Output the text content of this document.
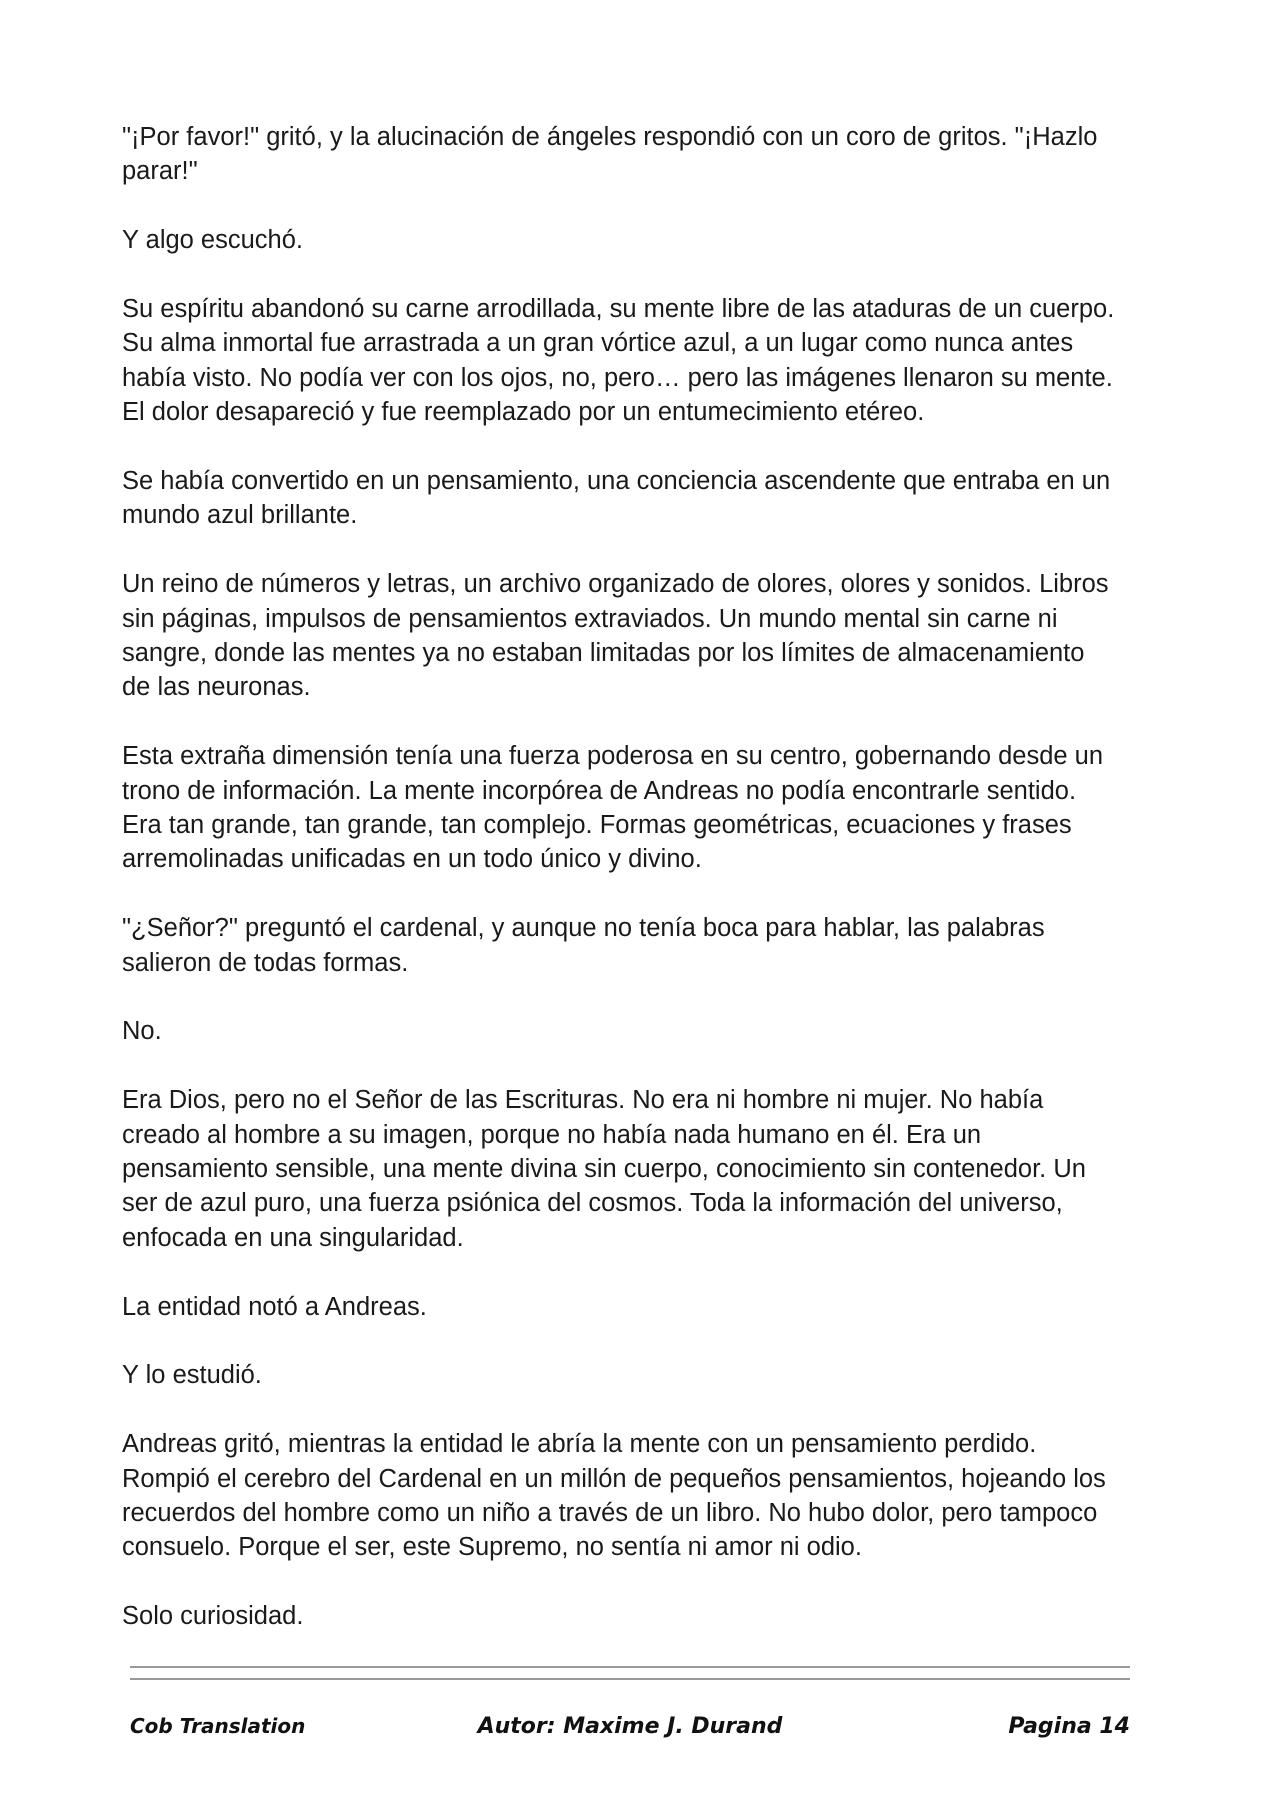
"¡Por favor!" gritó, y la alucinación de ángeles respondió con un coro de gritos. "¡Hazlo
parar!"

Y algo escuchó.

Su espíritu abandonó su carne arrodillada, su mente libre de las ataduras de un cuerpo.
Su alma inmortal fue arrastrada a un gran vórtice azul, a un lugar como nunca antes
había visto. No podía ver con los ojos, no, pero… pero las imágenes llenaron su mente.
El dolor desapareció y fue reemplazado por un entumecimiento etéreo.

Se había convertido en un pensamiento, una conciencia ascendente que entraba en un
mundo azul brillante.

Un reino de números y letras, un archivo organizado de olores, olores y sonidos. Libros
sin páginas, impulsos de pensamientos extraviados. Un mundo mental sin carne ni
sangre, donde las mentes ya no estaban limitadas por los límites de almacenamiento
de las neuronas.

Esta extraña dimensión tenía una fuerza poderosa en su centro, gobernando desde un
trono de información. La mente incorpórea de Andreas no podía encontrarle sentido.
Era tan grande, tan grande, tan complejo. Formas geométricas, ecuaciones y frases
arremolinadas unificadas en un todo único y divino.

"¿Señor?" preguntó el cardenal, y aunque no tenía boca para hablar, las palabras
salieron de todas formas.

No.

Era Dios, pero no el Señor de las Escrituras. No era ni hombre ni mujer. No había
creado al hombre a su imagen, porque no había nada humano en él. Era un
pensamiento sensible, una mente divina sin cuerpo, conocimiento sin contenedor. Un
ser de azul puro, una fuerza psiónica del cosmos. Toda la información del universo,
enfocada en una singularidad.

La entidad notó a Andreas.

Y lo estudió.

Andreas gritó, mientras la entidad le abría la mente con un pensamiento perdido.
Rompió el cerebro del Cardenal en un millón de pequeños pensamientos, hojeando los
recuerdos del hombre como un niño a través de un libro. No hubo dolor, pero tampoco
consuelo. Porque el ser, este Supremo, no sentía ni amor ni odio.

Solo curiosidad.

Cob Translation	Autor: Maxime J. Durand	Pagina 14
